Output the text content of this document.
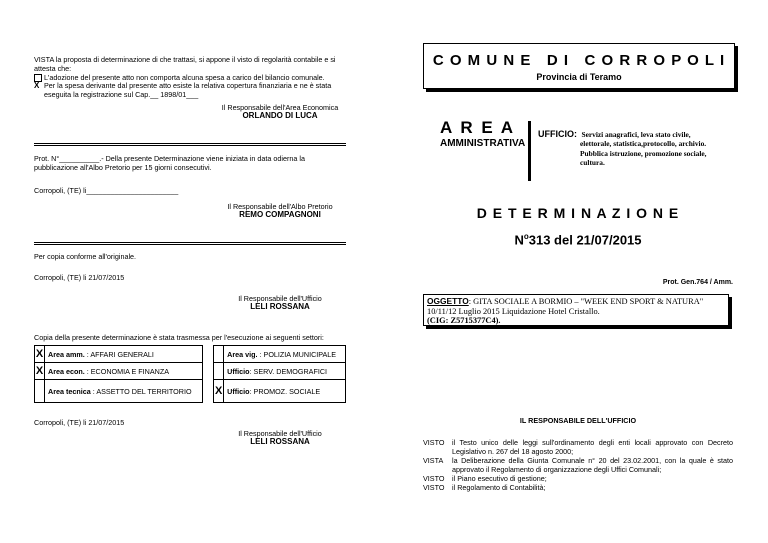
VISTA la proposta di determinazione di che trattasi, si appone il visto di regolarità contabile e si attesta che:
L'adozione del presente atto non comporta alcuna spesa a carico del bilancio comunale.
X Per la spesa derivante dal presente atto esiste la relativa copertura finanziaria e ne è stata eseguita la registrazione sul Cap.__ 1898/01___
Il Responsabile dell'Area Economica
ORLANDO DI LUCA
Prot. N°__________.- Della presente Determinazione viene iniziata in data odierna la pubblicazione all'Albo Pretorio per 15 giorni consecutivi.
Corropoli, (TE) li_______________________
Il Responsabile dell'Albo Pretorio
REMO COMPAGNONI
Per copia conforme all'originale.
Corropoli, (TE) li 21/07/2015
Il Responsabile dell'Ufficio
LELI ROSSANA
Copia della presente determinazione è stata trasmessa per l'esecuzione ai seguenti settori:
X	Area amm. : AFFARI GENERALI			Area vig. : POLIZIA MUNICIPALE
X	Area econ. : ECONOMIA E FINANZA			Ufficio: SERV. DEMOGRAFICI
	Area tecnica : ASSETTO DEL TERRITORIO		X	Ufficio: PROMOZ. SOCIALE
Corropoli, (TE) li 21/07/2015
Il Responsabile dell'Ufficio
LELI ROSSANA
C O M U N E   D I   C O R R O P O L I
Provincia di Teramo
A R E A
AMMINISTRATIVA
UFFICIO: Servizi anagrafici, leva stato civile,
elettorale, statistica,protocollo, archivio. Pubblica istruzione, promozione sociale, cultura.
D E T E R M I N A Z I O N E
$N^o313$ del 21/07/2015
Prot. Gen.764 / Amm.
OGGETTO: GITA SOCIALE A BORMIO – "WEEK END SPORT & NATURA" 10/11/12 Luglio 2015 Liquidazione Hotel Cristallo.
(CIG: Z5715377C4).
IL RESPONSABILE DELL'UFFICIO
VISTO	il Testo unico delle leggi sull'ordinamento degli enti locali approvato con Decreto Legislativo n. 267 del 18 agosto 2000;
VISTA	la Deliberazione della Giunta Comunale n° 20 del 23.02.2001, con la quale è stato approvato il Regolamento di organizzazione degli Uffici Comunali;
VISTO	il Piano esecutivo di gestione;
VISTO	il Regolamento di Contabilità;
